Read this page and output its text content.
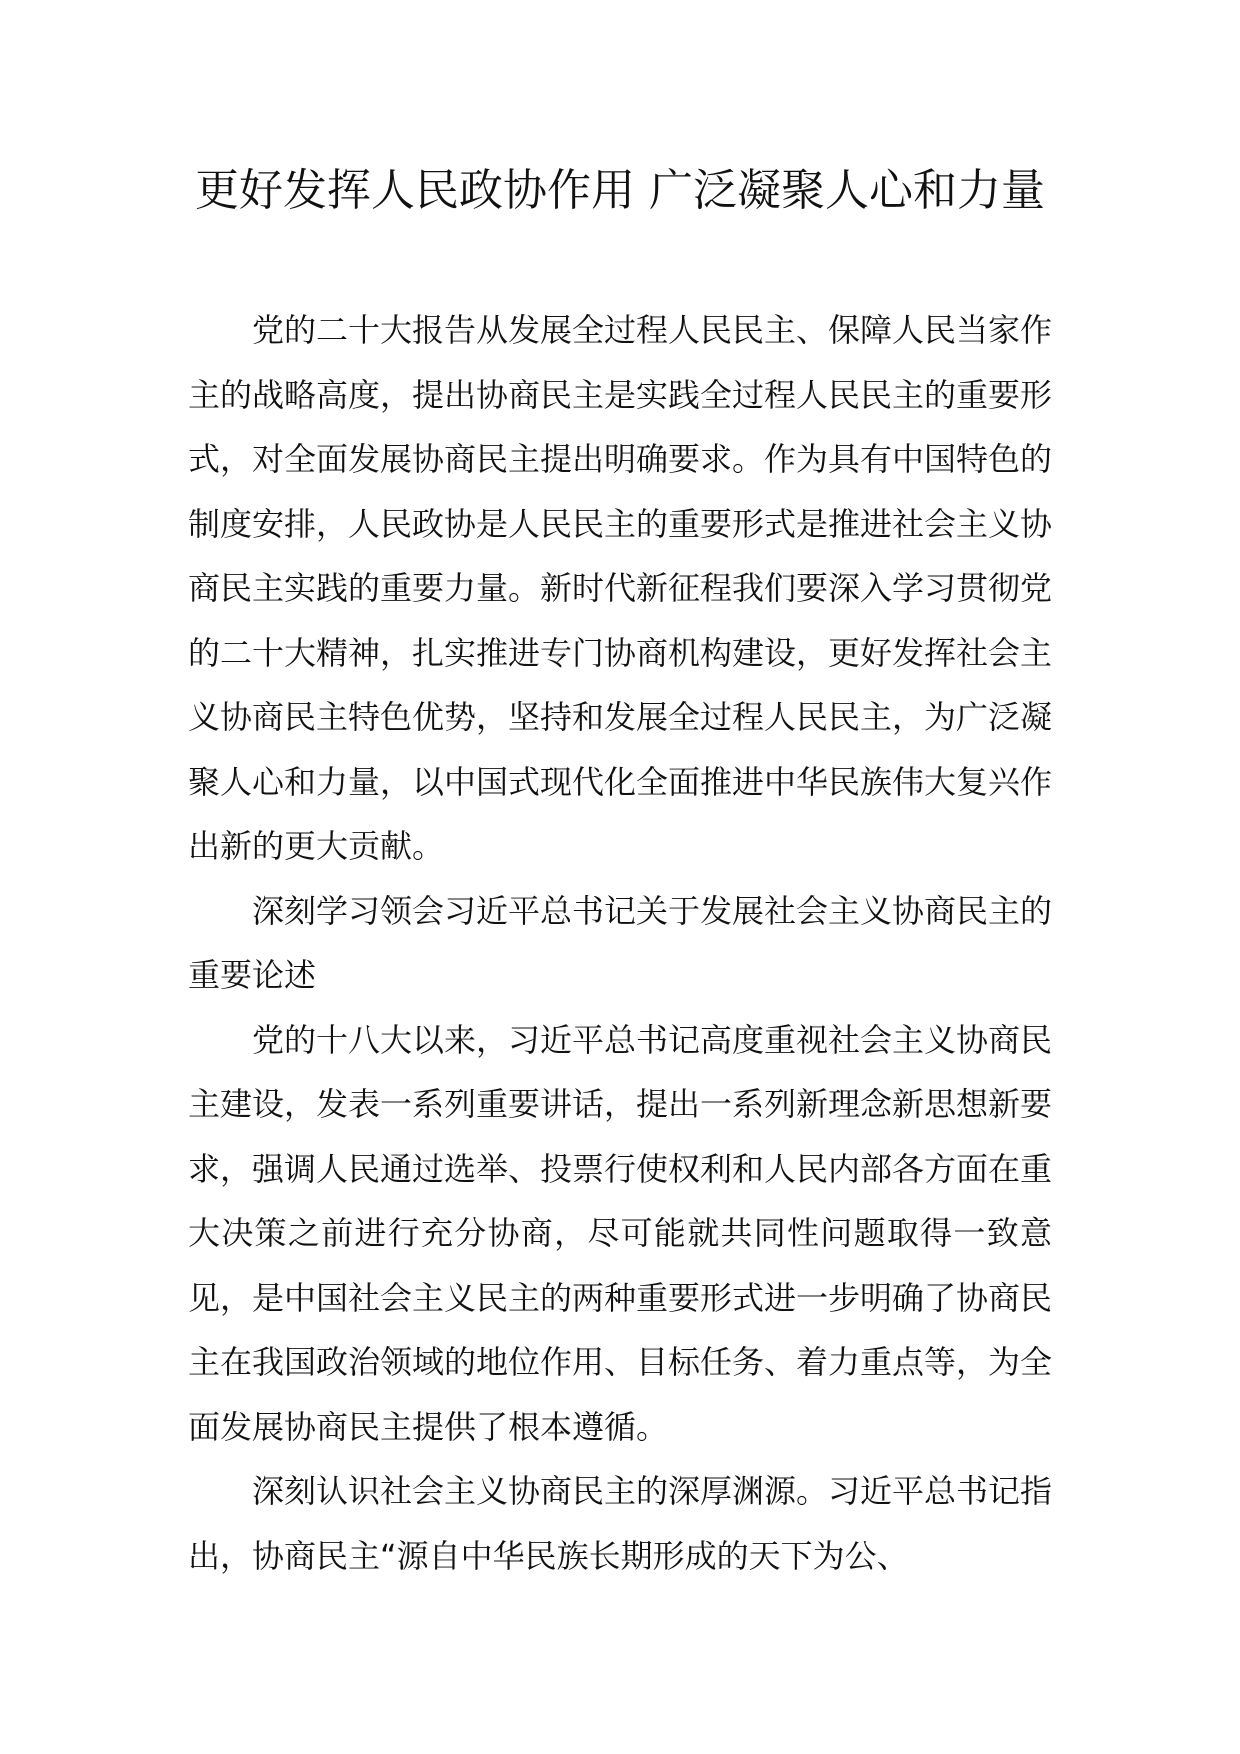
更好发挥人民政协作用 广泛凝聚人心和力量

党的二十大报告从发展全过程人民民主、保障人民当家作主的战略高度，提出协商民主是实践全过程人民民主的重要形式，对全面发展协商民主提出明确要求。作为具有中国特色的制度安排，人民政协是人民民主的重要形式是推进社会主义协商民主实践的重要力量。新时代新征程我们要深入学习贯彻党的二十大精神，扎实推进专门协商机构建设，更好发挥社会主义协商民主特色优势，坚持和发展全过程人民民主，为广泛凝聚人心和力量，以中国式现代化全面推进中华民族伟大复兴作出新的更大贡献。

深刻学习领会习近平总书记关于发展社会主义协商民主的重要论述

党的十八大以来，习近平总书记高度重视社会主义协商民主建设，发表一系列重要讲话，提出一系列新理念新思想新要求，强调人民通过选举、投票行使权利和人民内部各方面在重大决策之前进行充分协商，尽可能就共同性问题取得一致意见，是中国社会主义民主的两种重要形式进一步明确了协商民主在我国政治领域的地位作用、目标任务、着力重点等，为全面发展协商民主提供了根本遵循。

深刻认识社会主义协商民主的深厚渊源。习近平总书记指出，协商民主“源自中华民族长期形成的天下为公、
